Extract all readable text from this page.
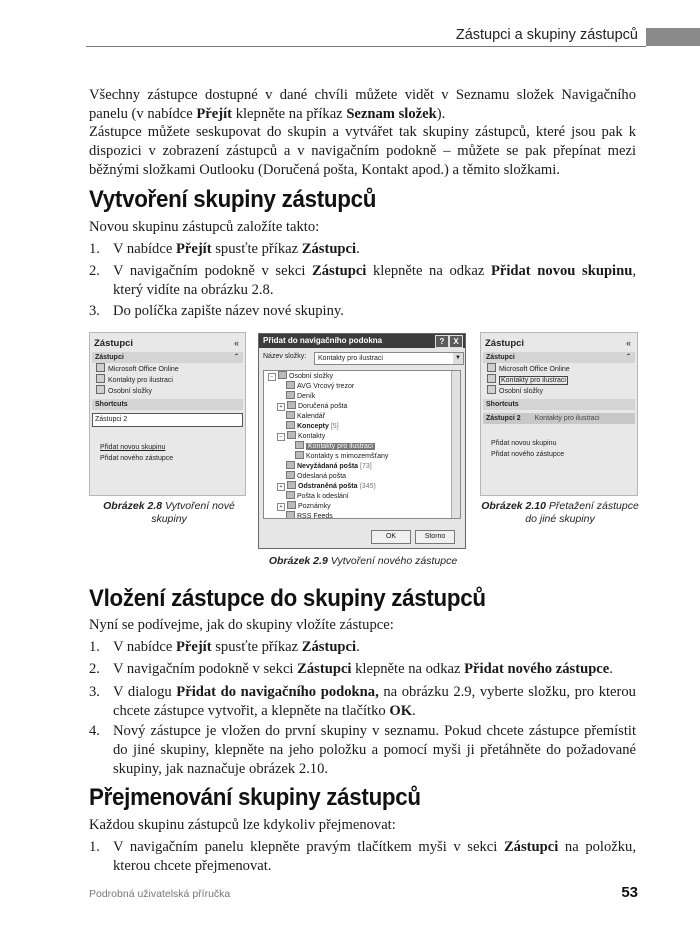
Zástupci a skupiny zástupců
Všechny zástupce dostupné v dané chvíli můžete vidět v Seznamu složek Navigačního panelu (v nabídce Přejít klepněte na příkaz Seznam složek).
Zástupce můžete seskupovat do skupin a vytvářet tak skupiny zástupců, které jsou pak k dispozici v zobrazení zástupců a v navigačním podokně – můžete se pak přepínat mezi běžnými složkami Outlooku (Doručená pošta, Kontakt apod.) a těmito složkami.
Vytvoření skupiny zástupců
Novou skupinu zástupců založíte takto:
1. V nabídce Přejít spusťte příkaz Zástupci.
2. V navigačním podokně v sekci Zástupci klepněte na odkaz Přidat novou skupinu, který vidíte na obrázku 2.8.
3. Do políčka zapište název nové skupiny.
Zástupci	«
Zástupci	⌃
Microsoft Office Online
Kontakty pro ilustraci
Osobní složky
Shortcuts
Zástupci 2
Přidat novou skupinu
Přidat nového zástupce
Obrázek 2.8 Vytvoření nové skupiny
Přidat do navigačního podokna	?	X
Název složky:	Kontakty pro ilustraci	▼
− Osobní složky
AVG Vrcový trezor
Deník
+ Doručená pošta
Kalendář
Koncepty [5]
− Kontakty
Kontakty pro ilustraci
Kontakty s mimozemšťany
Nevyžádaná pošta [73]
Odeslaná pošta
+ Odstraněná pošta (345)
Pošta k odeslání
+ Poznámky
RSS Feeds
OK	Storno
Obrázek 2.9 Vytvoření nového zástupce
Zástupci	«
Zástupci	⌃
Microsoft Office Online
Kontakty pro ilustraci
Osobní složky
Shortcuts
Zástupci 2 Kontakty pro ilustraci
Přidat novou skupinu
Přidat nového zástupce
Obrázek 2.10 Přetažení zástupce do jiné skupiny
Vložení zástupce do skupiny zástupců
Nyní se podívejme, jak do skupiny vložíte zástupce:
1. V nabídce Přejít spusťte příkaz Zástupci.
2. V navigačním podokně v sekci Zástupci klepněte na odkaz Přidat nového zástupce.
3. V dialogu Přidat do navigačního podokna, na obrázku 2.9, vyberte složku, pro kterou chcete zástupce vytvořit, a klepněte na tlačítko OK.
4. Nový zástupce je vložen do první skupiny v seznamu. Pokud chcete zástupce přemístit do jiné skupiny, klepněte na jeho položku a pomocí myši ji přetáhněte do požadované skupiny, jak naznačuje obrázek 2.10.
Přejmenování skupiny zástupců
Každou skupinu zástupců lze kdykoliv přejmenovat:
1. V navigačním panelu klepněte pravým tlačítkem myši v sekci Zástupci na položku, kterou chcete přejmenovat.
Podrobná uživatelská příručka	53
